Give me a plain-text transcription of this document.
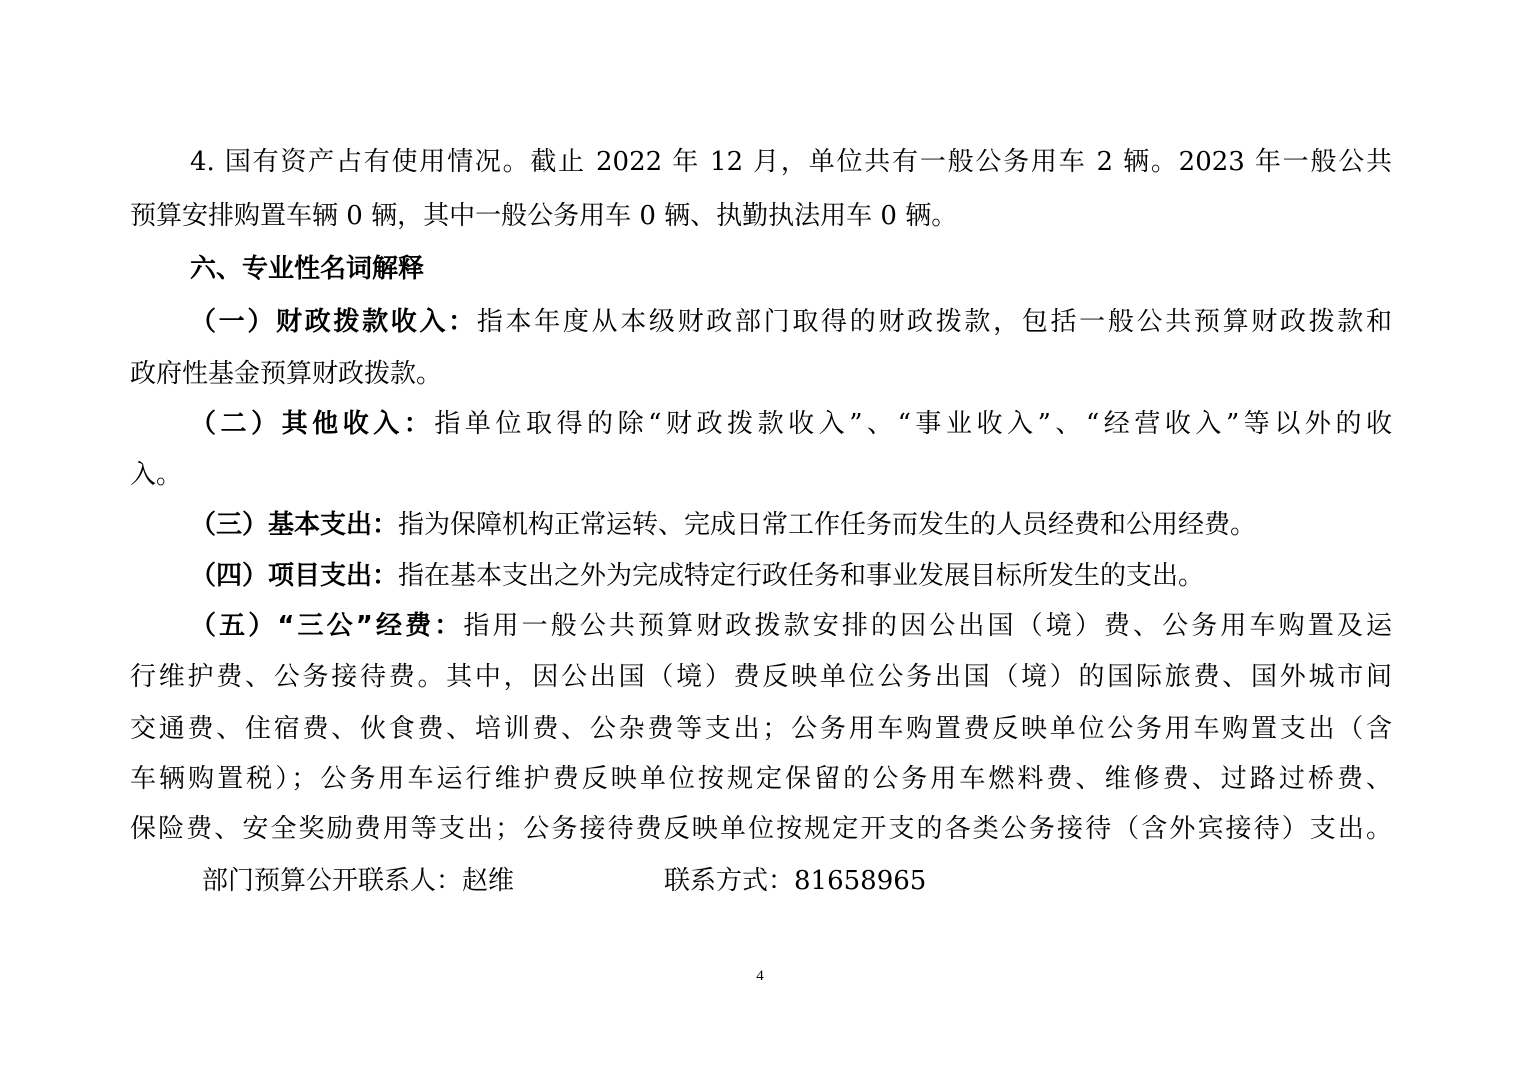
4. 国有资产占有使用情况。截止 2022 年 12 月，单位共有一般公务用车 2 辆。2023 年一般公共
预算安排购置车辆 0 辆，其中一般公务用车 0 辆、执勤执法用车 0 辆。
六、专业性名词解释
（一）财政拨款收入：指本年度从本级财政部门取得的财政拨款，包括一般公共预算财政拨款和
政府性基金预算财政拨款。
（二）其他收入：指单位取得的除“财政拨款收入”、“事业收入”、“经营收入”等以外的收
入。
（三）基本支出：指为保障机构正常运转、完成日常工作任务而发生的人员经费和公用经费。
（四）项目支出：指在基本支出之外为完成特定行政任务和事业发展目标所发生的支出。
（五）“三公”经费：指用一般公共预算财政拨款安排的因公出国（境）费、公务用车购置及运
行维护费、公务接待费。其中，因公出国（境）费反映单位公务出国（境）的国际旅费、国外城市间
交通费、住宿费、伙食费、培训费、公杂费等支出；公务用车购置费反映单位公务用车购置支出（含
车辆购置税）；公务用车运行维护费反映单位按规定保留的公务用车燃料费、维修费、过路过桥费、
保险费、安全奖励费用等支出；公务接待费反映单位按规定开支的各类公务接待（含外宾接待）支出。
部门预算公开联系人：赵维	联系方式：81658965
4
